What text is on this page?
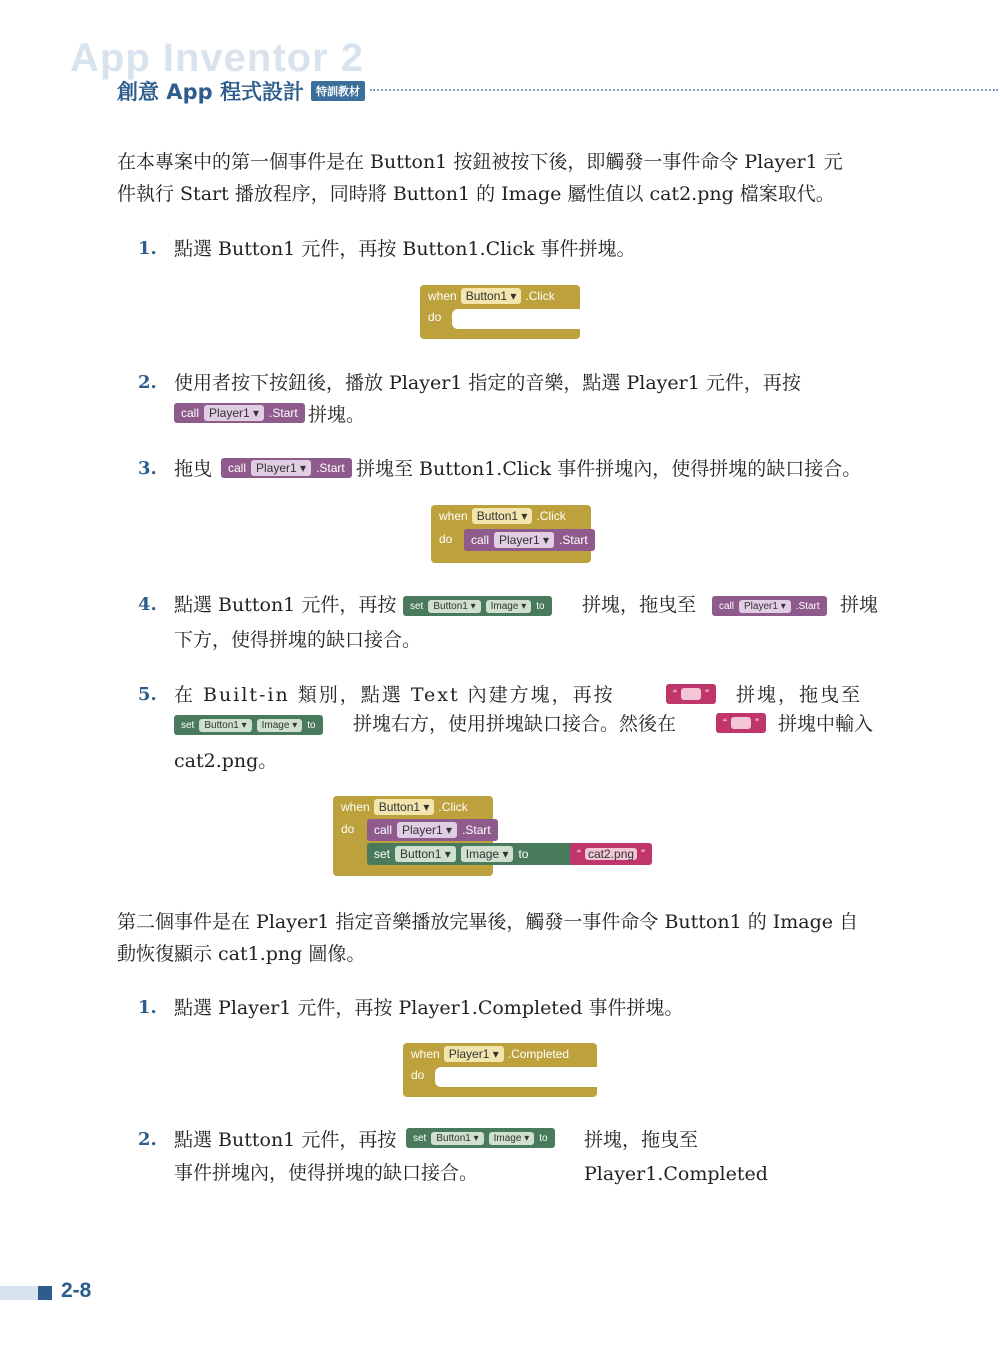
App Inventor 2
創意 App 程式設計	特訓教材
在本專案中的第一個事件是在 Button1 按鈕被按下後，即觸發一事件命令 Player1 元
件執行 Start 播放程序，同時將 Button1 的 Image 屬性值以 cat2.png 檔案取代。
1. 點選 Button1 元件，再按 Button1.Click 事件拼塊。
when Button1 ▾ .Click
do
2. 使用者按下按鈕後，播放 Player1 指定的音樂，點選 Player1 元件，再按
call Player1 ▾ .Start 拼塊。
3. 拖曳	call Player1 ▾ .Start 拼塊至 Button1.Click 事件拼塊內，使得拼塊的缺口接合。
when Button1 ▾ .Click
do call Player1 ▾ .Start
4. 點選 Button1 元件，再按	set	Button1 ▾	Image ▾	to 拼塊，拖曳至	call	Player1 ▾	.Start 拼塊
下方，使得拼塊的缺口接合。
5. 在 Built-in 類別，點選 Text 內建方塊，再按	“ ” 拼塊，拖曳至
set	Button1 ▾	Image ▾	to 拼塊右方，使用拼塊缺口接合。然後在	“ ” 拼塊中輸入
cat2.png。
when Button1 ▾ .Click
do call Player1 ▾ .Start
set Button1 ▾	Image ▾ to	“ cat2.png ”
第二個事件是在 Player1 指定音樂播放完畢後，觸發一事件命令 Button1 的 Image 自
動恢復顯示 cat1.png 圖像。
1. 點選 Player1 元件，再按 Player1.Completed 事件拼塊。
when Player1 ▾ .Completed
do
2. 點選 Button1 元件，再按	set	Button1 ▾	Image ▾	to 拼塊，拖曳至 Player1.Completed
事件拼塊內，使得拼塊的缺口接合。
2-8
